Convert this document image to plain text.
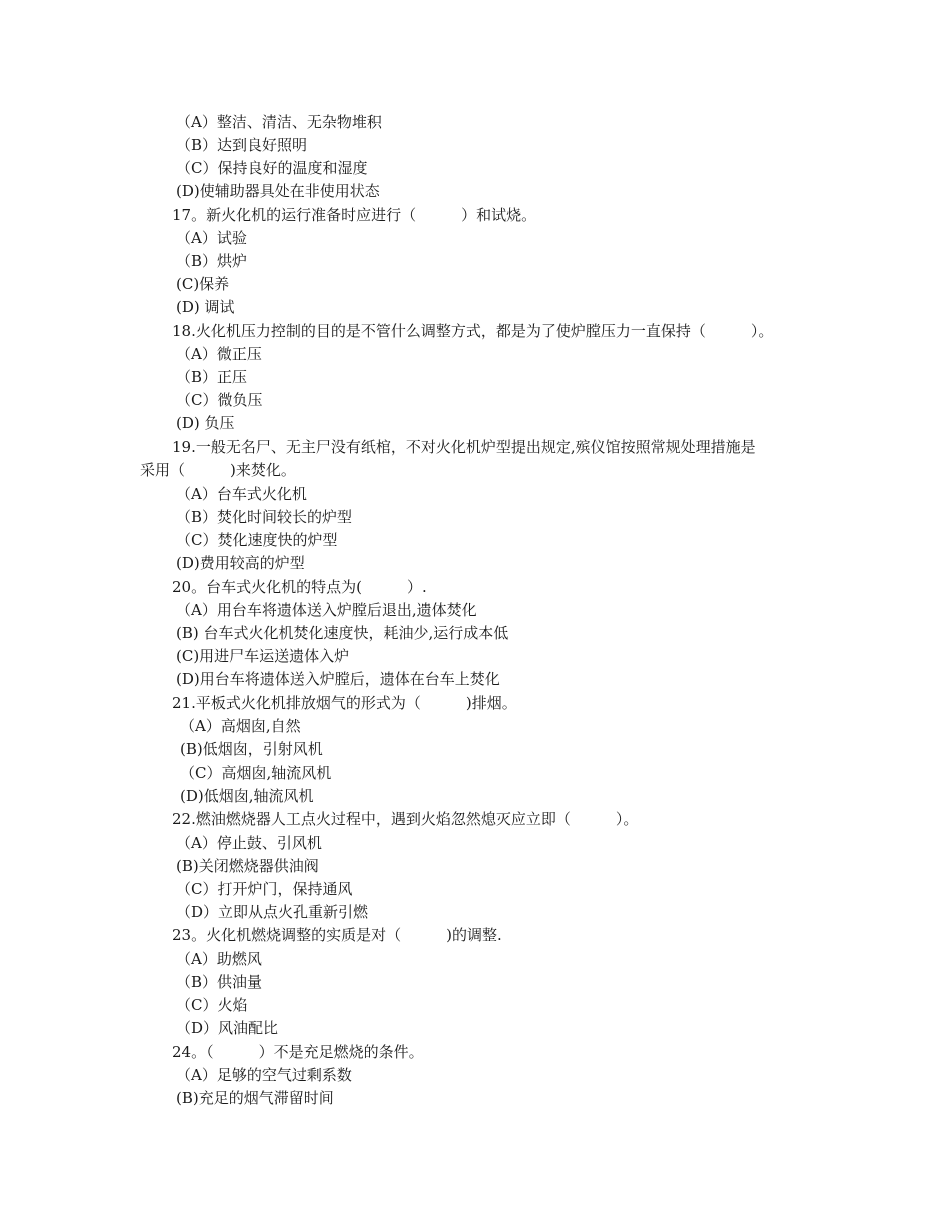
（A）整洁、清洁、无杂物堆积
（B）达到良好照明
（C）保持良好的温度和湿度
(D)使辅助器具处在非使用状态
17。新火化机的运行准备时应进行（　　　）和试烧。
（A）试验
（B）烘炉
(C)保养
(D) 调试
18.火化机压力控制的目的是不管什么调整方式，都是为了使炉膛压力一直保持（　　　）。
（A）微正压
（B）正压
（C）微负压
(D) 负压
19.一般无名尸、无主尸没有纸棺，不对火化机炉型提出规定,殡仪馆按照常规处理措施是
采用（　　　)来焚化。
（A）台车式火化机
（B）焚化时间较长的炉型
（C）焚化速度快的炉型
(D)费用较高的炉型
20。台车式火化机的特点为(　　　）.
（A）用台车将遗体送入炉膛后退出,遗体焚化
(B) 台车式火化机焚化速度快，耗油少,运行成本低
(C)用进尸车运送遗体入炉
(D)用台车将遗体送入炉膛后，遗体在台车上焚化
21.平板式火化机排放烟气的形式为（　　　)排烟。
（A）高烟囱,自然
(B)低烟囱，引射风机
（C）高烟囱,轴流风机
(D)低烟囱,轴流风机
22.燃油燃烧器人工点火过程中，遇到火焰忽然熄灭应立即（　　　）。
（A）停止鼓、引风机
(B)关闭燃烧器供油阀
（C）打开炉门，保持通风
（D）立即从点火孔重新引燃
23。火化机燃烧调整的实质是对（　　　)的调整.
（A）助燃风
（B）供油量
（C）火焰
（D）风油配比
24。（　　　）不是充足燃烧的条件。
（A）足够的空气过剩系数
(B)充足的烟气滞留时间
